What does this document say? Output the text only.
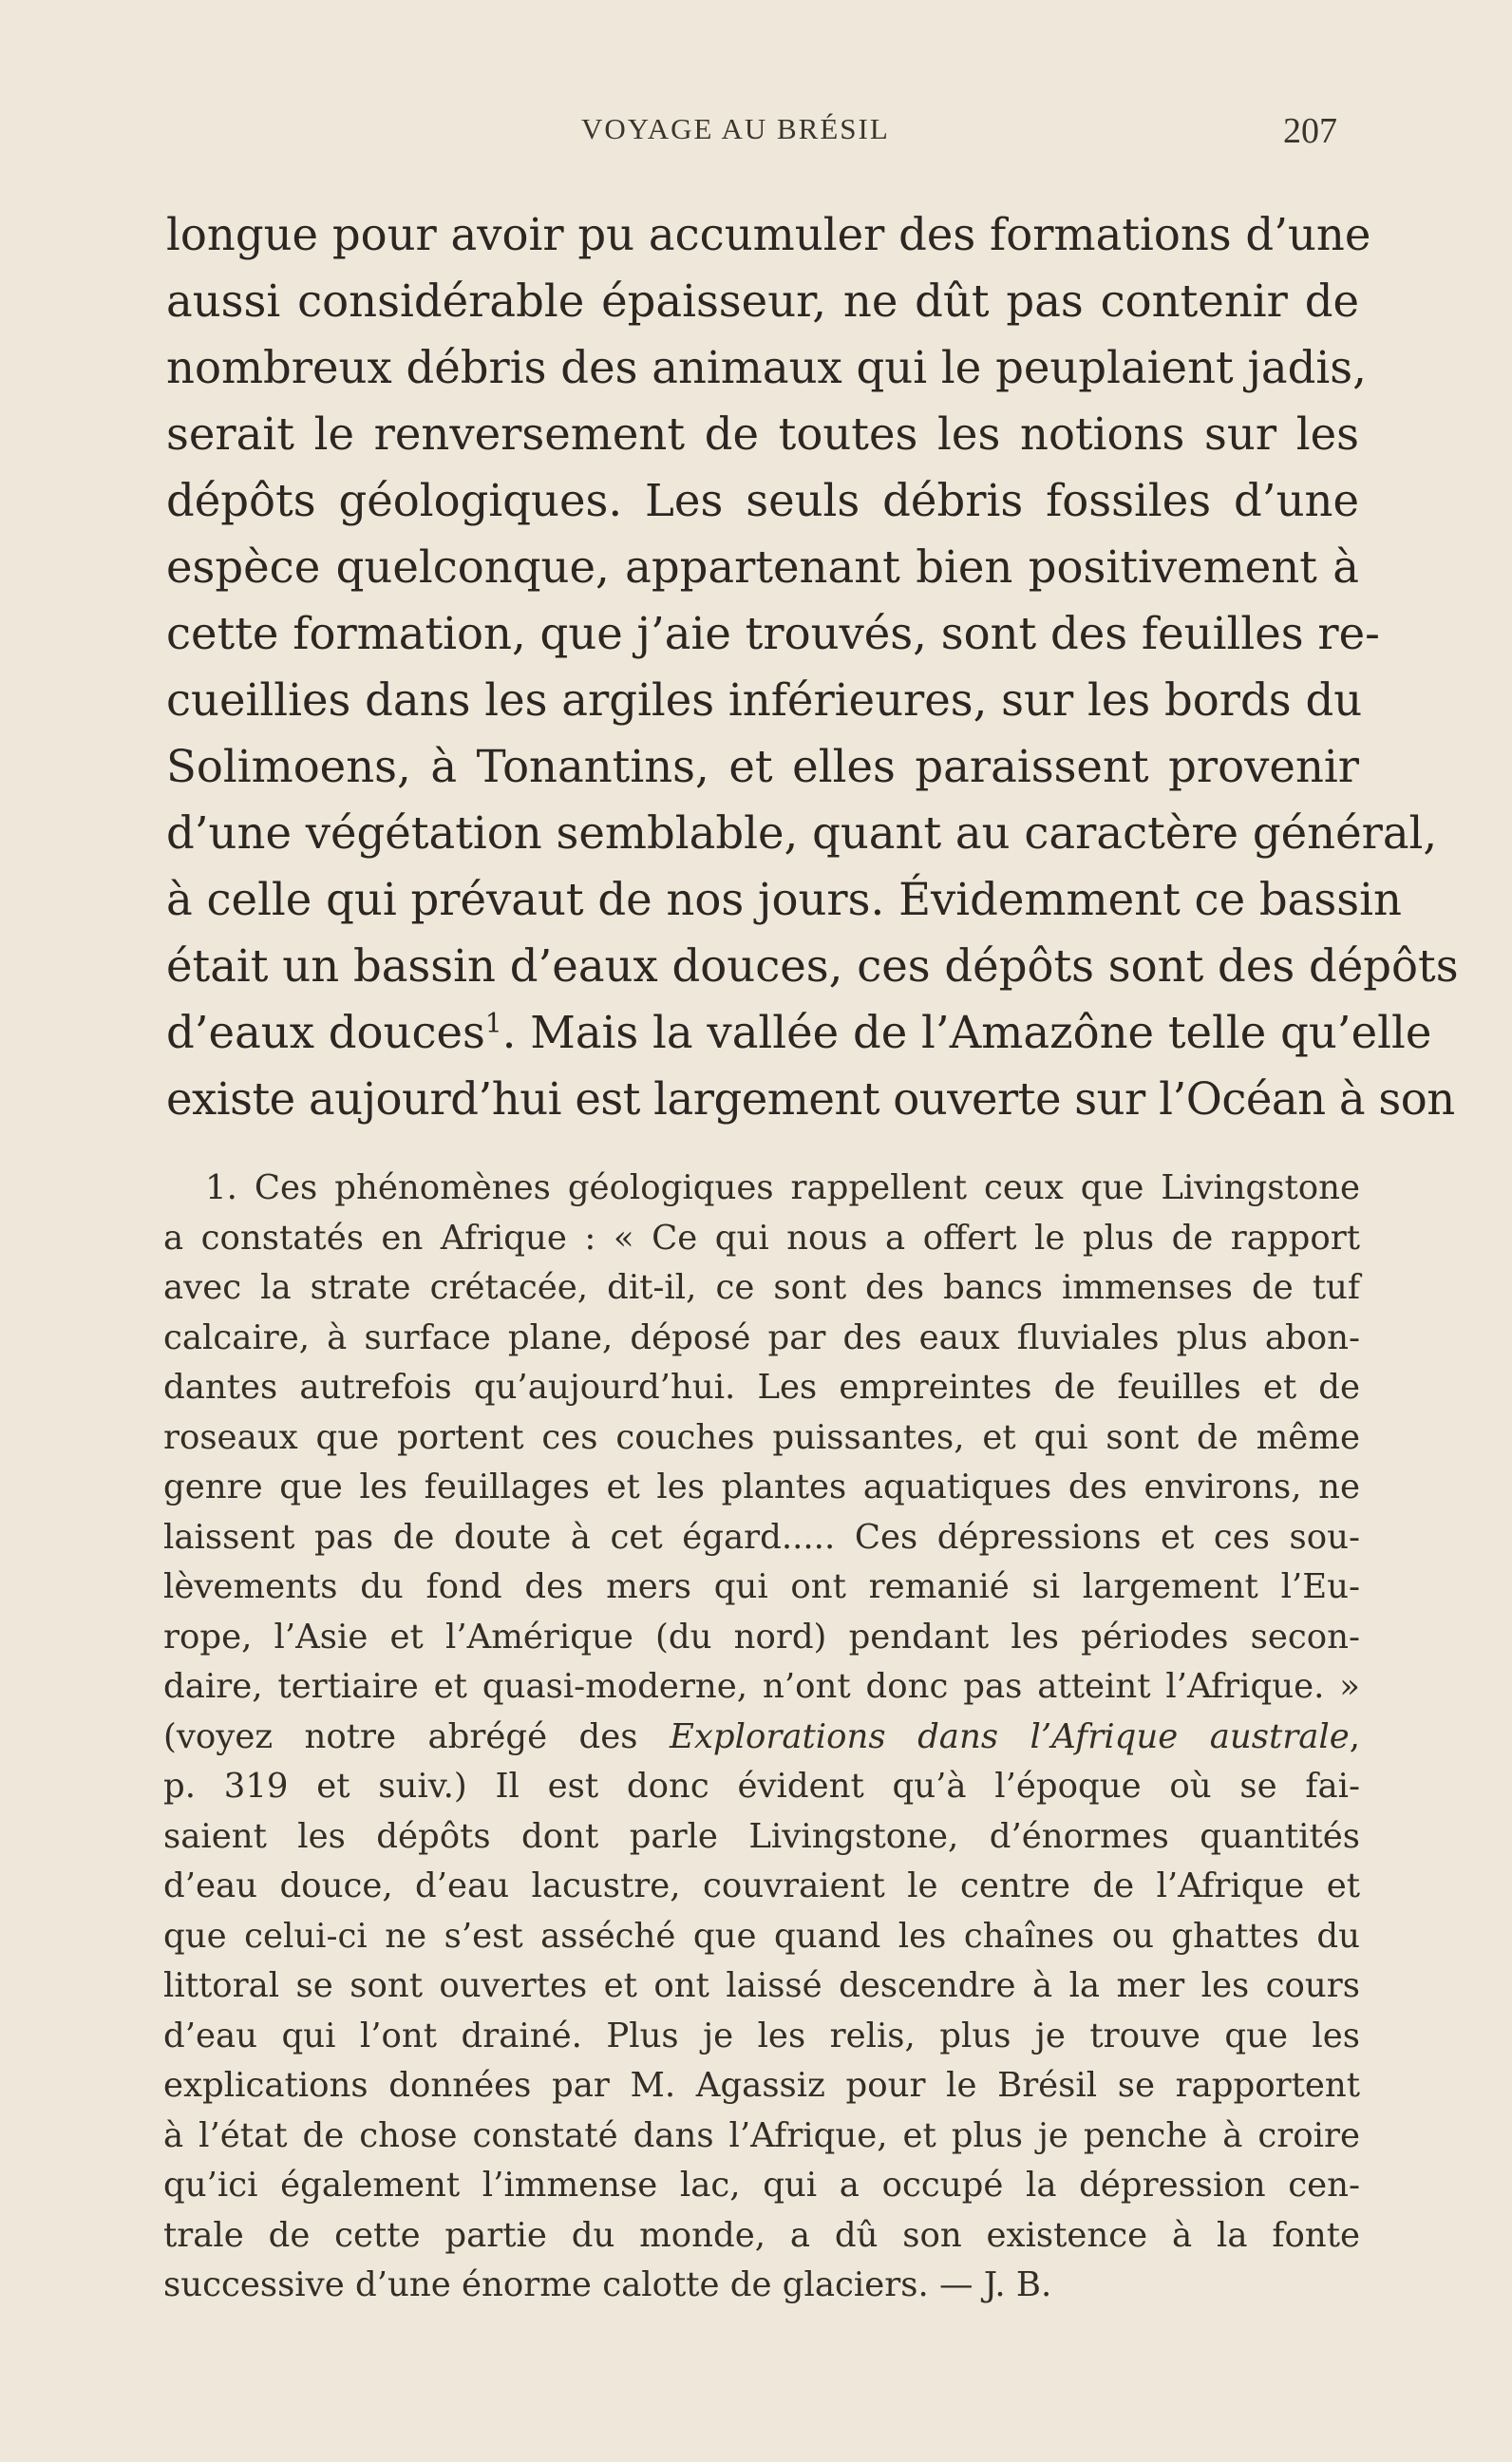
VOYAGE AU BRÉSIL	207
longue pour avoir pu accumuler des formations d’une
aussi considérable épaisseur, ne dût pas contenir de
nombreux débris des animaux qui le peuplaient jadis,
serait le renversement de toutes les notions sur les
dépôts géologiques. Les seuls débris fossiles d’une
espèce quelconque, appartenant bien positivement à
cette formation, que j’aie trouvés, sont des feuilles re-
cueillies dans les argiles inférieures, sur les bords du
Solimoens, à Tonantins, et elles paraissent provenir
d’une végétation semblable, quant au caractère général,
à celle qui prévaut de nos jours. Évidemment ce bassin
était un bassin d’eaux douces, ces dépôts sont des dépôts
d’eaux douces$^1$. Mais la vallée de l’Amazône telle qu’elle
existe aujourd’hui est largement ouverte sur l’Océan à son
1. Ces phénomènes géologiques rappellent ceux que Livingstone
a constatés en Afrique : « Ce qui nous a offert le plus de rapport
avec la strate crétacée, dit-il, ce sont des bancs immenses de tuf
calcaire, à surface plane, déposé par des eaux fluviales plus abon-
dantes autrefois qu’aujourd’hui. Les empreintes de feuilles et de
roseaux que portent ces couches puissantes, et qui sont de même
genre que les feuillages et les plantes aquatiques des environs, ne
laissent pas de doute à cet égard..... Ces dépressions et ces sou-
lèvements du fond des mers qui ont remanié si largement l’Eu-
rope, l’Asie et l’Amérique (du nord) pendant les périodes secon-
daire, tertiaire et quasi-moderne, n’ont donc pas atteint l’Afrique. »
(voyez notre abrégé des Explorations dans l’Afrique australe,
p. 319 et suiv.) Il est donc évident qu’à l’époque où se fai-
saient les dépôts dont parle Livingstone, d’énormes quantités
d’eau douce, d’eau lacustre, couvraient le centre de l’Afrique et
que celui-ci ne s’est asséché que quand les chaînes ou ghattes du
littoral se sont ouvertes et ont laissé descendre à la mer les cours
d’eau qui l’ont drainé. Plus je les relis, plus je trouve que les
explications données par M. Agassiz pour le Brésil se rapportent
à l’état de chose constaté dans l’Afrique, et plus je penche à croire
qu’ici également l’immense lac, qui a occupé la dépression cen-
trale de cette partie du monde, a dû son existence à la fonte
successive d’une énorme calotte de glaciers. — J. B.
